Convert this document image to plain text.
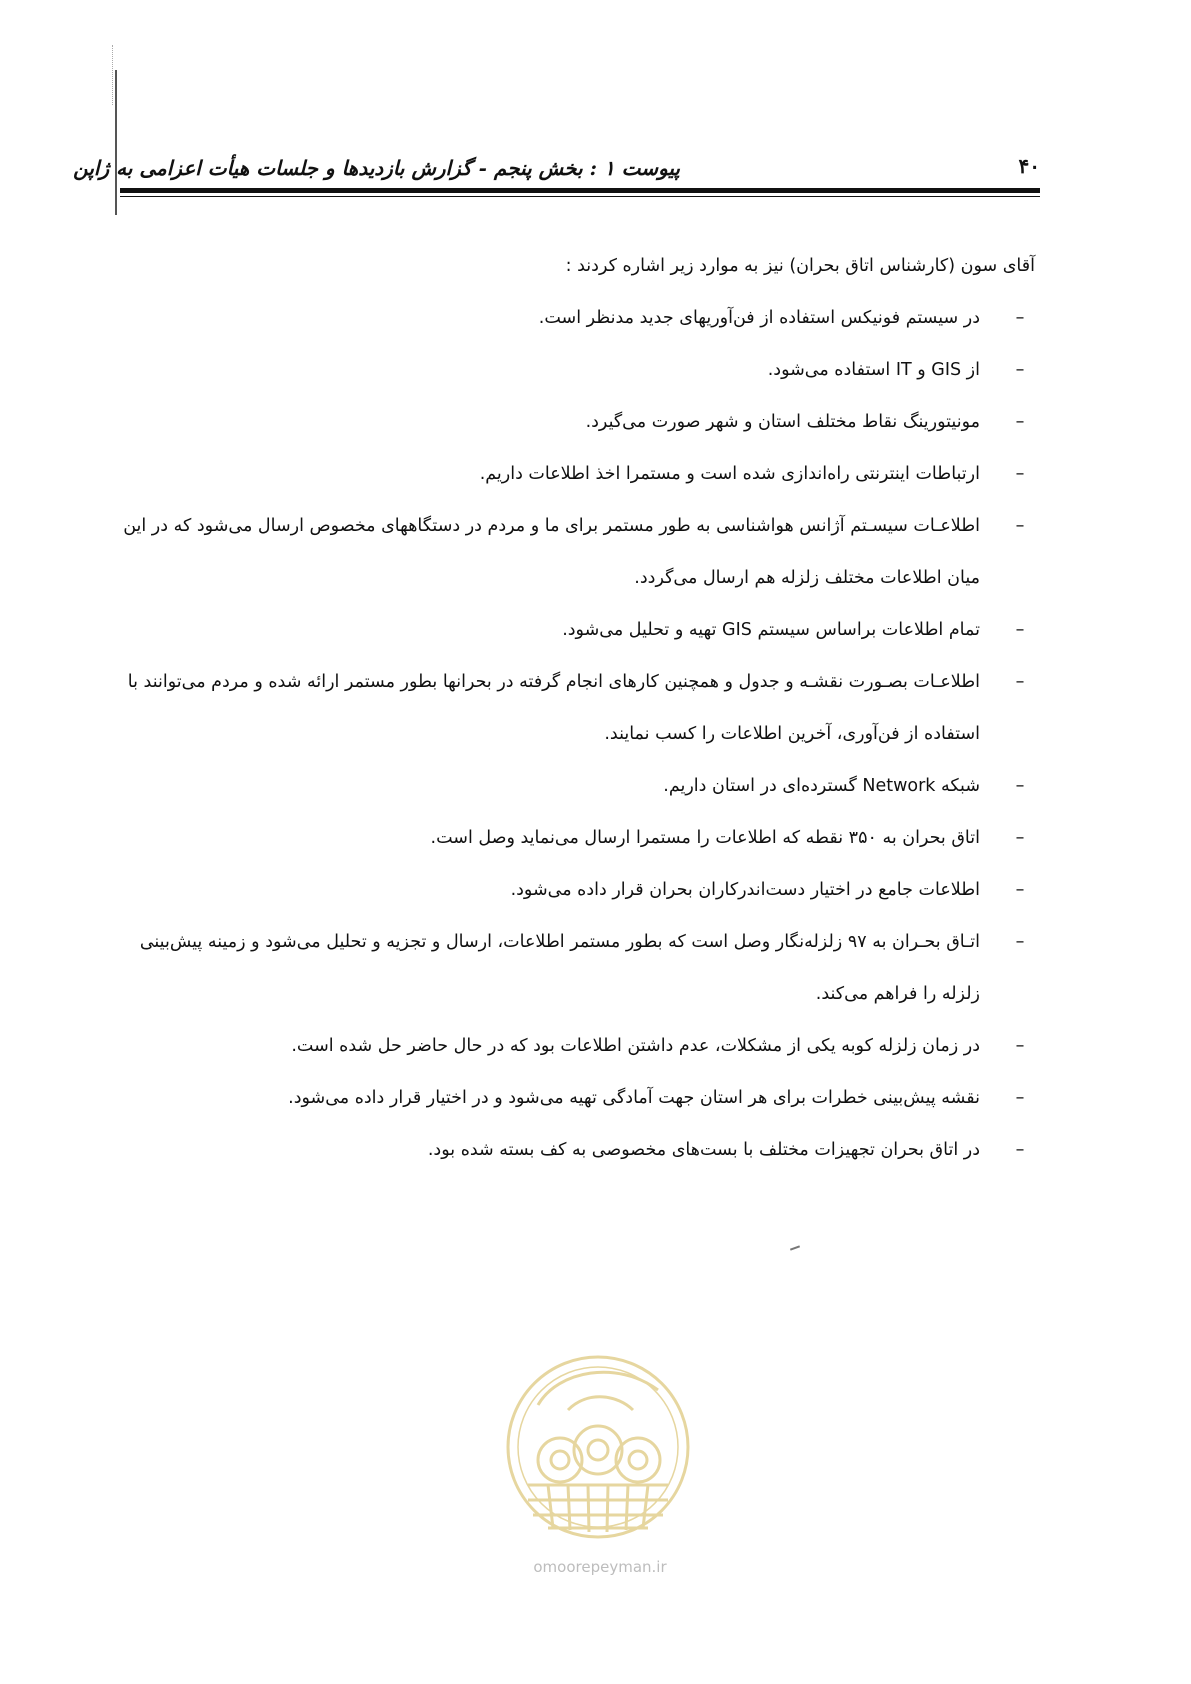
۴۰
پیوست ۱ : بخش پنجم - گزارش بازدیدها و جلسات هیأت اعزامی به ژاپن

آقای سون (کارشناس اتاق بحران) نیز به موارد زیر اشاره کردند :

–
در سیستم فونیکس استفاده از فن‌آوریهای جدید مدنظر است.
–
از GIS و IT استفاده می‌شود.
–
مونیتورینگ نقاط مختلف استان و شهر صورت می‌گیرد.
–
ارتباطات اینترنتی راه‌اندازی شده است و مستمرا اخذ اطلاعات داریم.
–
اطلاعـات سیسـتم آژانس هواشناسی به طور مستمر برای ما و مردم در دستگاههای مخصوص ارسال می‌شود که در این میان اطلاعات مختلف زلزله هم ارسال می‌گردد.
–
تمام اطلاعات براساس سیستم GIS تهیه و تحلیل می‌شود.
–
اطلاعـات بصـورت نقشـه و جدول و همچنین کارهای انجام گرفته در بحرانها بطور مستمر ارائه شده و مردم می‌توانند با استفاده از فن‌آوری، آخرین اطلاعات را کسب نمایند.
–
شبکه Network گسترده‌ای در استان داریم.
–
اتاق بحران به ۳۵۰ نقطه که اطلاعات را مستمرا ارسال می‌نماید وصل است.
–
اطلاعات جامع در اختیار دست‌اندرکاران بحران قرار داده می‌شود.
–
اتـاق بحـران به ۹۷ زلزله‌نگار وصل است که بطور مستمر اطلاعات، ارسال و تجزیه و تحلیل می‌شود و زمینه پیش‌بینی زلزله را فراهم می‌کند.
–
در زمان زلزله کوبه یکی از مشکلات، عدم داشتن اطلاعات بود که در حال حاضر حل شده است.
–
نقشه پیش‌بینی خطرات برای هر استان جهت آمادگی تهیه می‌شود و در اختیار قرار داده می‌شود.
–
در اتاق بحران تجهیزات مختلف با بست‌های مخصوصی به کف بسته شده بود.
omoorepeyman.ir
